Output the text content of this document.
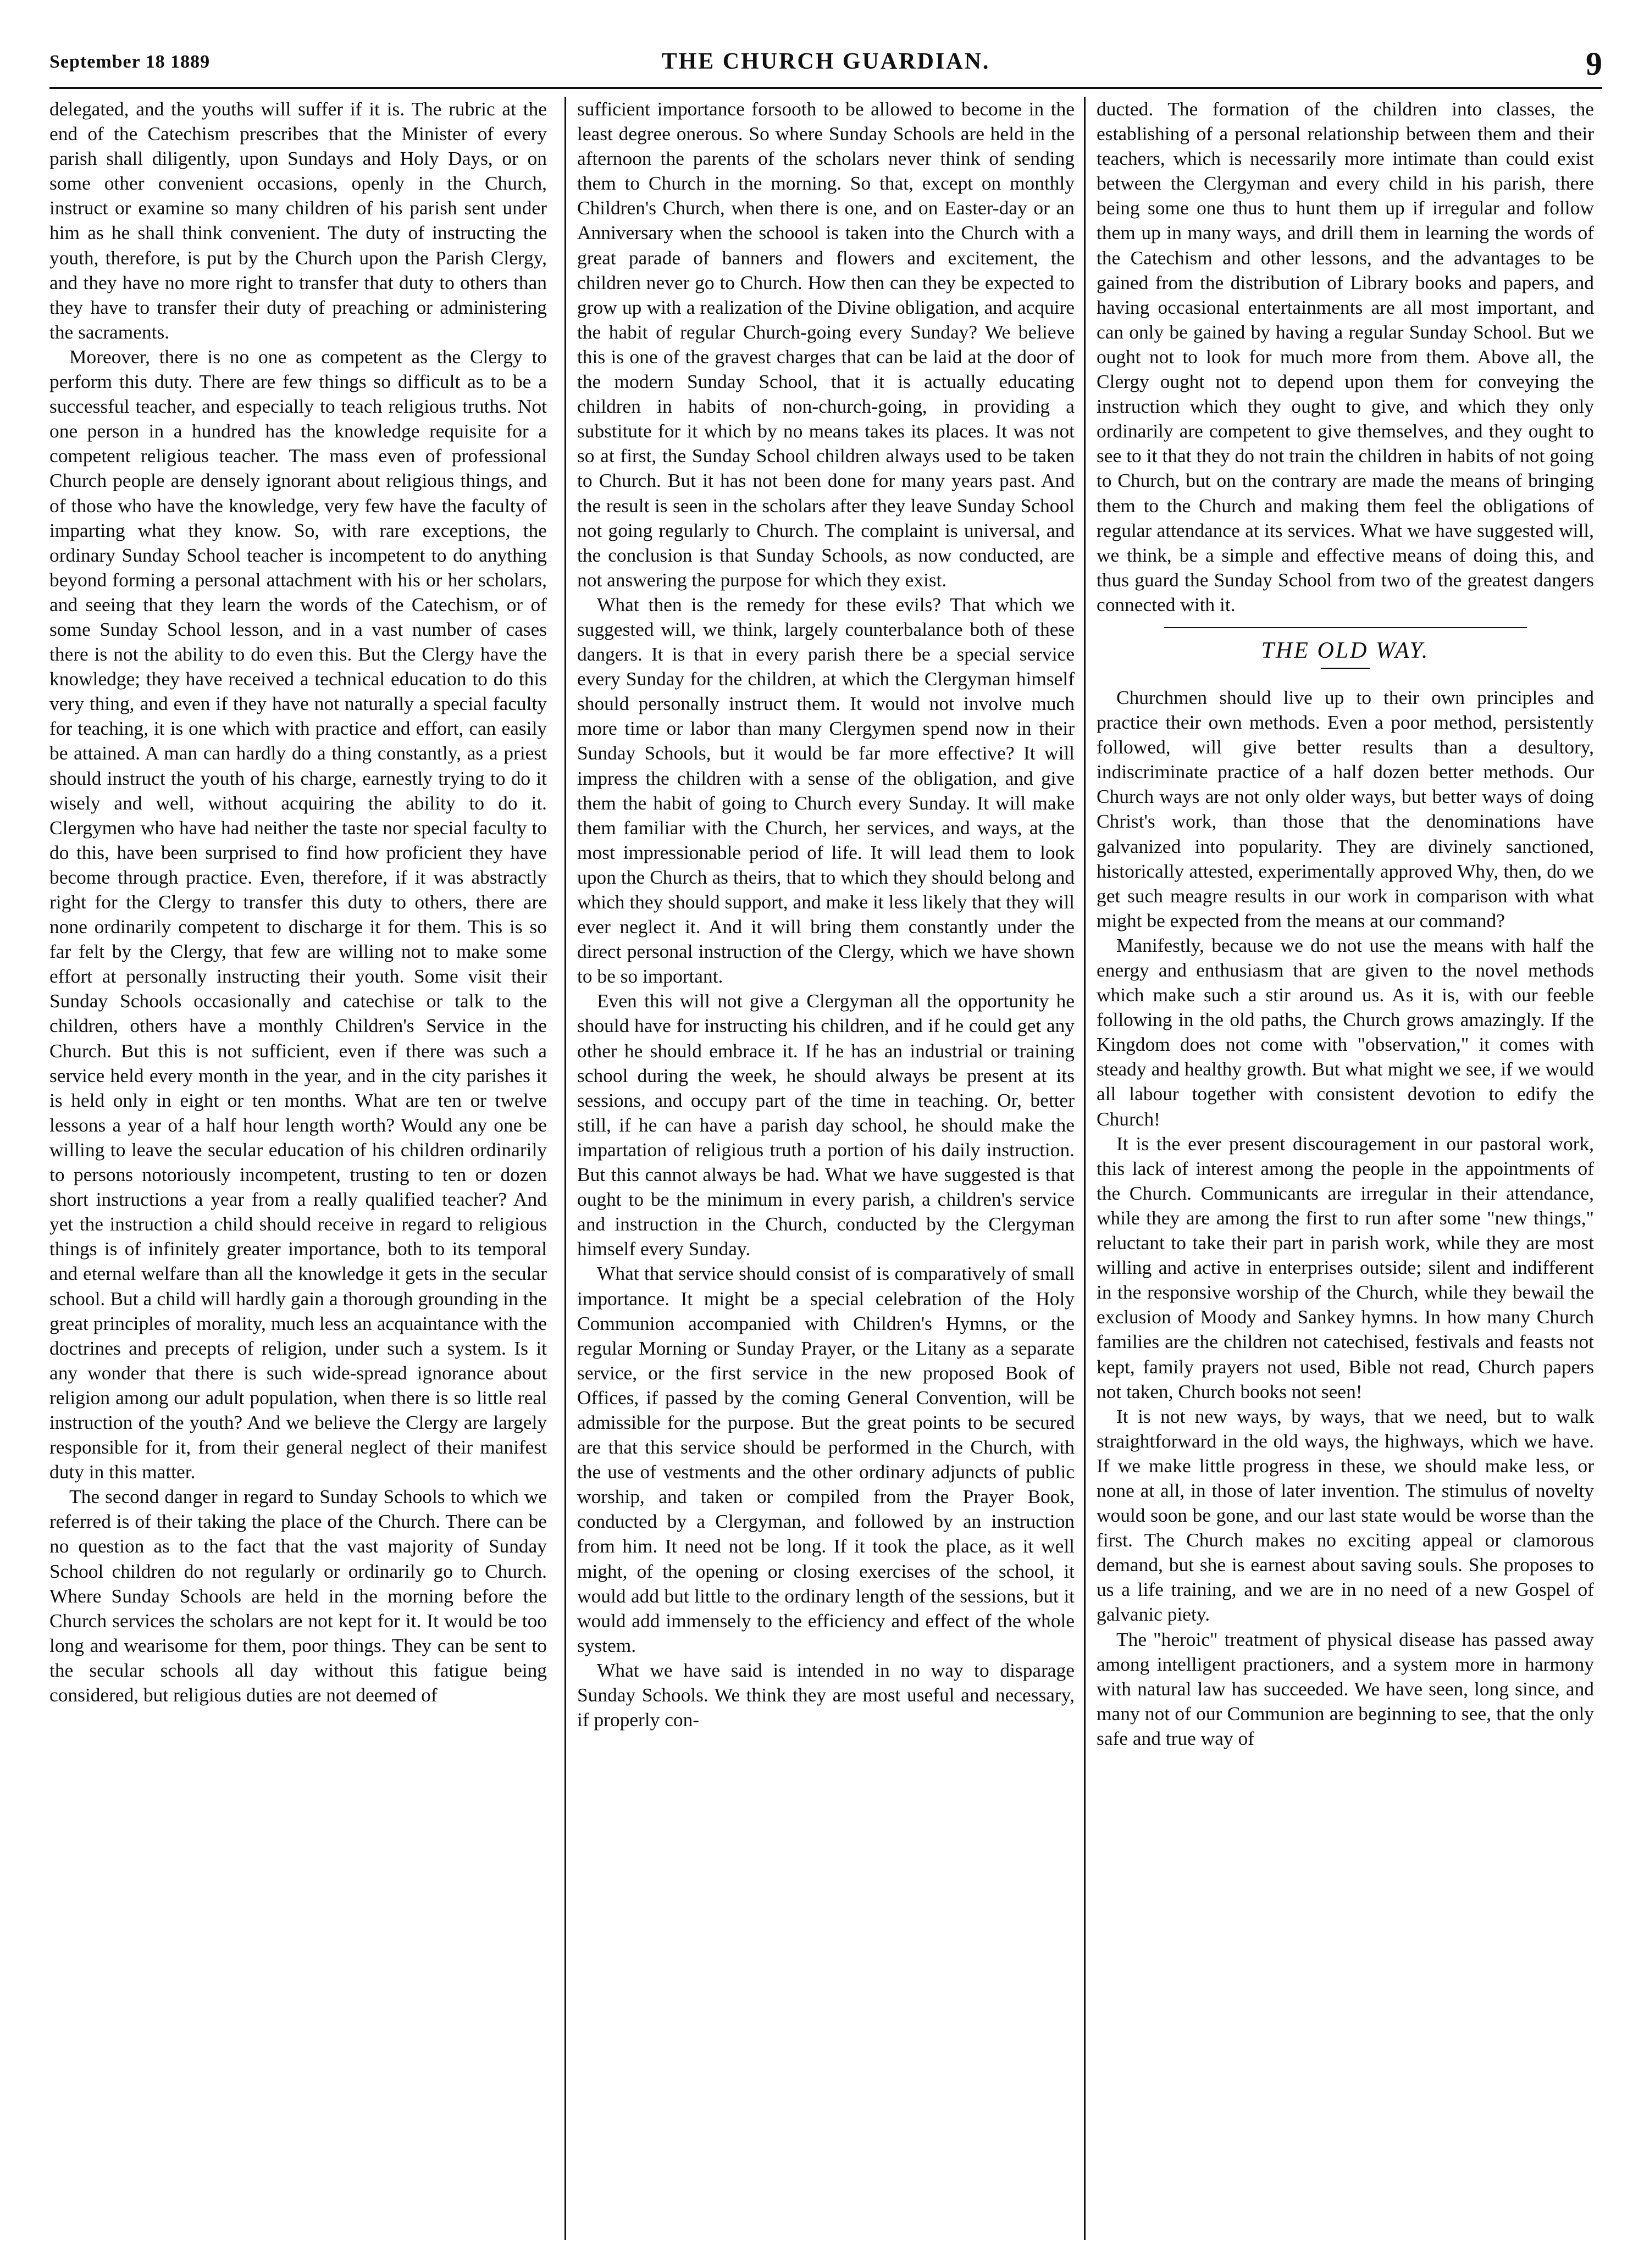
September 18 1889	THE CHURCH GUARDIAN.	9

delegated, and the youths will suffer if it is. The rubric at the end of the Catechism prescribes that the Minister of every parish shall diligently, upon Sundays and Holy Days, or on some other convenient occasions, openly in the Church, instruct or examine so many children of his parish sent under him as he shall think convenient. The duty of instructing the youth, therefore, is put by the Church upon the Parish Clergy, and they have no more right to transfer that duty to others than they have to transfer their duty of preaching or administering the sacraments.

Moreover, there is no one as competent as the Clergy to perform this duty. There are few things so difficult as to be a successful teacher, and especially to teach religious truths. Not one person in a hundred has the knowledge requisite for a competent religious teacher. The mass even of professional Church people are densely ignorant about religious things, and of those who have the knowledge, very few have the faculty of imparting what they know. So, with rare exceptions, the ordinary Sunday School teacher is incompetent to do anything beyond forming a personal attachment with his or her scholars, and seeing that they learn the words of the Catechism, or of some Sunday School lesson, and in a vast number of cases there is not the ability to do even this. But the Clergy have the knowledge; they have received a technical education to do this very thing, and even if they have not naturally a special faculty for teaching, it is one which with practice and effort, can easily be attained. A man can hardly do a thing constantly, as a priest should instruct the youth of his charge, earnestly trying to do it wisely and well, without acquiring the ability to do it. Clergymen who have had neither the taste nor special faculty to do this, have been surprised to find how proficient they have become through practice. Even, therefore, if it was abstractly right for the Clergy to transfer this duty to others, there are none ordinarily competent to discharge it for them. This is so far felt by the Clergy, that few are willing not to make some effort at personally instructing their youth. Some visit their Sunday Schools occasionally and catechise or talk to the children, others have a monthly Children's Service in the Church. But this is not sufficient, even if there was such a service held every month in the year, and in the city parishes it is held only in eight or ten months. What are ten or twelve lessons a year of a half hour length worth? Would any one be willing to leave the secular education of his children ordinarily to persons notoriously incompetent, trusting to ten or dozen short instructions a year from a really qualified teacher? And yet the instruction a child should receive in regard to religious things is of infinitely greater importance, both to its temporal and eternal welfare than all the knowledge it gets in the secular school. But a child will hardly gain a thorough grounding in the great principles of morality, much less an acquaintance with the doctrines and precepts of religion, under such a system. Is it any wonder that there is such wide-spread ignorance about religion among our adult population, when there is so little real instruction of the youth? And we believe the Clergy are largely responsible for it, from their general neglect of their manifest duty in this matter.

The second danger in regard to Sunday Schools to which we referred is of their taking the place of the Church. There can be no question as to the fact that the vast majority of Sunday School children do not regularly or ordinarily go to Church. Where Sunday Schools are held in the morning before the Church services the scholars are not kept for it. It would be too long and wearisome for them, poor things. They can be sent to the secular schools all day without this fatigue being considered, but religious duties are not deemed of

sufficient importance forsooth to be allowed to become in the least degree onerous. So where Sunday Schools are held in the afternoon the parents of the scholars never think of sending them to Church in the morning. So that, except on monthly Children's Church, when there is one, and on Easter-day or an Anniversary when the schoool is taken into the Church with a great parade of banners and flowers and excitement, the children never go to Church. How then can they be expected to grow up with a realization of the Divine obligation, and acquire the habit of regular Church-going every Sunday? We believe this is one of the gravest charges that can be laid at the door of the modern Sunday School, that it is actually educating children in habits of non-church-going, in providing a substitute for it which by no means takes its places. It was not so at first, the Sunday School children always used to be taken to Church. But it has not been done for many years past. And the result is seen in the scholars after they leave Sunday School not going regularly to Church. The complaint is universal, and the conclusion is that Sunday Schools, as now conducted, are not answering the purpose for which they exist.

What then is the remedy for these evils? That which we suggested will, we think, largely counterbalance both of these dangers. It is that in every parish there be a special service every Sunday for the children, at which the Clergyman himself should personally instruct them. It would not involve much more time or labor than many Clergymen spend now in their Sunday Schools, but it would be far more effective? It will impress the children with a sense of the obligation, and give them the habit of going to Church every Sunday. It will make them familiar with the Church, her services, and ways, at the most impressionable period of life. It will lead them to look upon the Church as theirs, that to which they should belong and which they should support, and make it less likely that they will ever neglect it. And it will bring them constantly under the direct personal instruction of the Clergy, which we have shown to be so important.

Even this will not give a Clergyman all the opportunity he should have for instructing his children, and if he could get any other he should embrace it. If he has an industrial or training school during the week, he should always be present at its sessions, and occupy part of the time in teaching. Or, better still, if he can have a parish day school, he should make the impartation of religious truth a portion of his daily instruction. But this cannot always be had. What we have suggested is that ought to be the minimum in every parish, a children's service and instruction in the Church, conducted by the Clergyman himself every Sunday.

What that service should consist of is comparatively of small importance. It might be a special celebration of the Holy Communion accompanied with Children's Hymns, or the regular Morning or Sunday Prayer, or the Litany as a separate service, or the first service in the new proposed Book of Offices, if passed by the coming General Convention, will be admissible for the purpose. But the great points to be secured are that this service should be performed in the Church, with the use of vestments and the other ordinary adjuncts of public worship, and taken or compiled from the Prayer Book, conducted by a Clergyman, and followed by an instruction from him. It need not be long. If it took the place, as it well might, of the opening or closing exercises of the school, it would add but little to the ordinary length of the sessions, but it would add immensely to the efficiency and effect of the whole system.

What we have said is intended in no way to disparage Sunday Schools. We think they are most useful and necessary, if properly con-

ducted. The formation of the children into classes, the establishing of a personal relationship between them and their teachers, which is necessarily more intimate than could exist between the Clergyman and every child in his parish, there being some one thus to hunt them up if irregular and follow them up in many ways, and drill them in learning the words of the Catechism and other lessons, and the advantages to be gained from the distribution of Library books and papers, and having occasional entertainments are all most important, and can only be gained by having a regular Sunday School. But we ought not to look for much more from them. Above all, the Clergy ought not to depend upon them for conveying the instruction which they ought to give, and which they only ordinarily are competent to give themselves, and they ought to see to it that they do not train the children in habits of not going to Church, but on the contrary are made the means of bringing them to the Church and making them feel the obligations of regular attendance at its services. What we have suggested will, we think, be a simple and effective means of doing this, and thus guard the Sunday School from two of the greatest dangers connected with it.

THE OLD WAY.

Churchmen should live up to their own principles and practice their own methods. Even a poor method, persistently followed, will give better results than a desultory, indiscriminate practice of a half dozen better methods. Our Church ways are not only older ways, but better ways of doing Christ's work, than those that the denominations have galvanized into popularity. They are divinely sanctioned, historically attested, experimentally approved Why, then, do we get such meagre results in our work in comparison with what might be expected from the means at our command?

Manifestly, because we do not use the means with half the energy and enthusiasm that are given to the novel methods which make such a stir around us. As it is, with our feeble following in the old paths, the Church grows amazingly. If the Kingdom does not come with "observation," it comes with steady and healthy growth. But what might we see, if we would all labour together with consistent devotion to edify the Church!

It is the ever present discouragement in our pastoral work, this lack of interest among the people in the appointments of the Church. Communicants are irregular in their attendance, while they are among the first to run after some "new things," reluctant to take their part in parish work, while they are most willing and active in enterprises outside; silent and indifferent in the responsive worship of the Church, while they bewail the exclusion of Moody and Sankey hymns. In how many Church families are the children not catechised, festivals and feasts not kept, family prayers not used, Bible not read, Church papers not taken, Church books not seen!

It is not new ways, by ways, that we need, but to walk straightforward in the old ways, the highways, which we have. If we make little progress in these, we should make less, or none at all, in those of later invention. The stimulus of novelty would soon be gone, and our last state would be worse than the first. The Church makes no exciting appeal or clamorous demand, but she is earnest about saving souls. She proposes to us a life training, and we are in no need of a new Gospel of galvanic piety.

The "heroic" treatment of physical disease has passed away among intelligent practioners, and a system more in harmony with natural law has succeeded. We have seen, long since, and many not of our Communion are beginning to see, that the only safe and true way of
